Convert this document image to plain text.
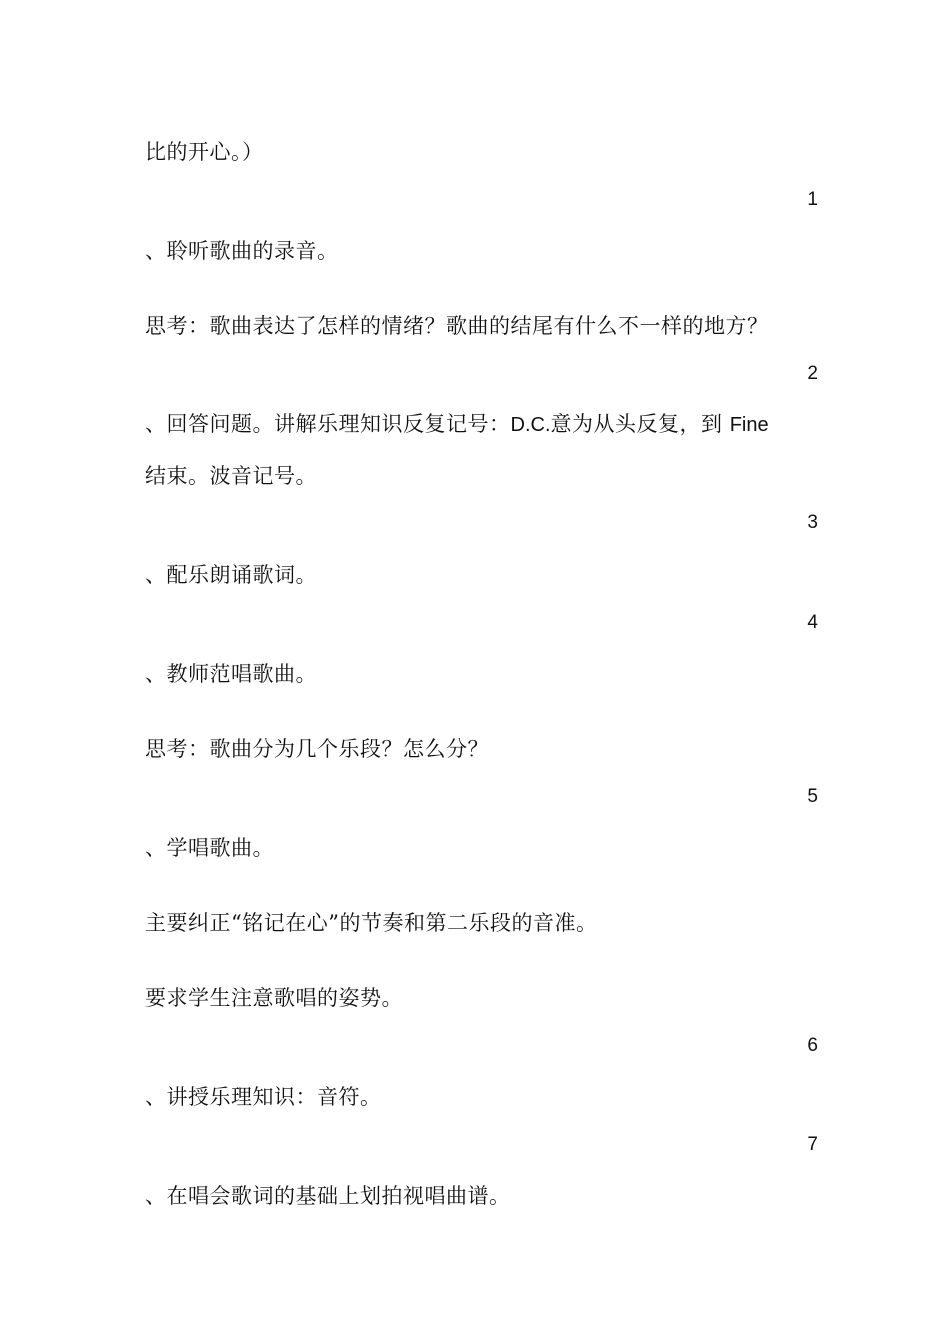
比的开心。）
1
、聆听歌曲的录音。
思考：歌曲表达了怎样的情绪？歌曲的结尾有什么不一样的地方？
2
、回答问题。讲解乐理知识反复记号：D.C.意为从头反复，到 Fine
结束。波音记号。
3
、配乐朗诵歌词。
4
、教师范唱歌曲。
思考：歌曲分为几个乐段？怎么分？
5
、学唱歌曲。
主要纠正“铭记在心”的节奏和第二乐段的音准。
要求学生注意歌唱的姿势。
6
、讲授乐理知识：音符。
7
、在唱会歌词的基础上划拍视唱曲谱。
